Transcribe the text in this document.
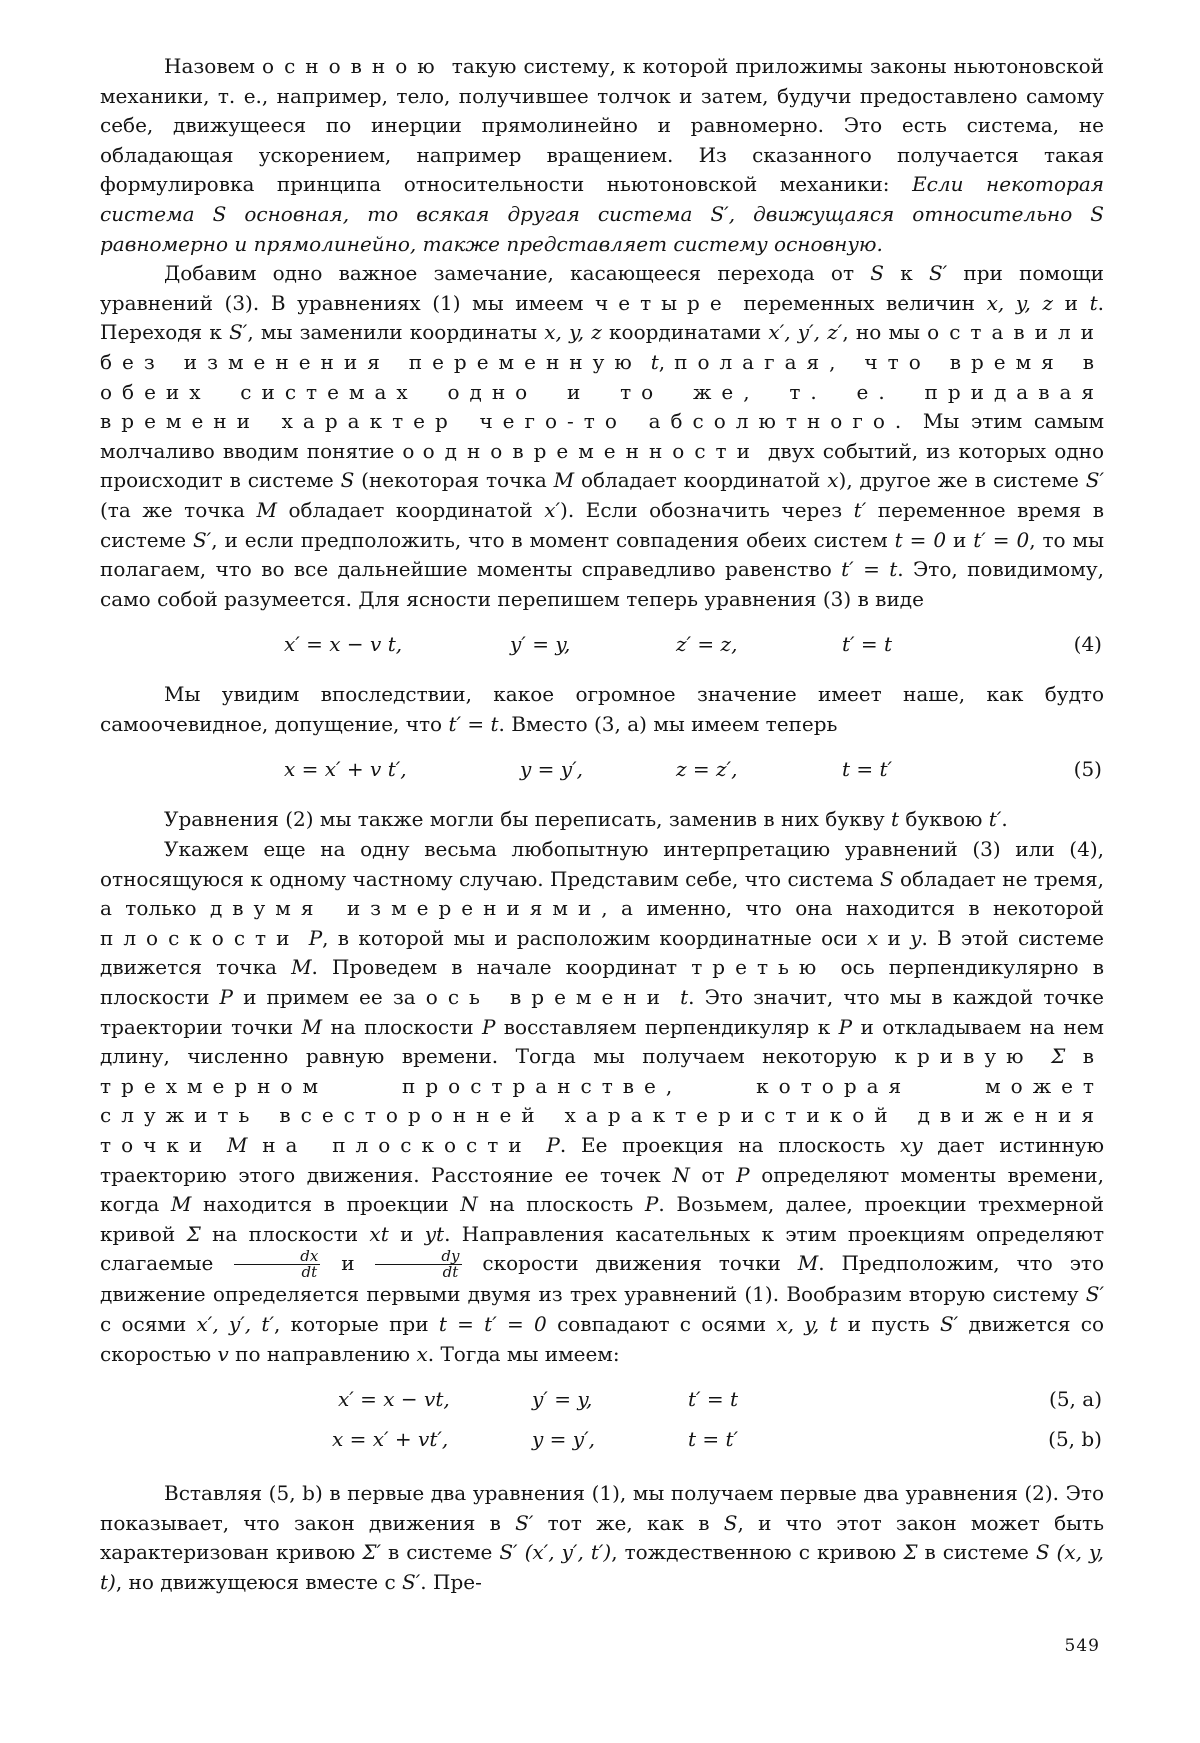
Назовем основною такую систему, к которой приложимы законы ньютоновской механики, т. е., например, тело, получившее толчок и затем, будучи предоставлено самому себе, движущееся по инерции прямолинейно и равномерно. Это есть система, не обладающая ускорением, например вращением. Из сказанного получается такая формулировка принципа относительности ньютоновской механики: Если некоторая система S основная, то всякая другая система S′, движущаяся относительно S равномерно и прямолинейно, также представляет систему основную.

Добавим одно важное замечание, касающееся перехода от S к S′ при помощи уравнений (3). В уравнениях (1) мы имеем четыре переменных величин x, y, z и t. Переходя к S′, мы заменили координаты x, y, z координатами x′, y′, z′, но мы оставили без изменения переменную t, полагая, что время в обеих системах одно и то же, т. е. придавая времени характер чего-то абсолютного. Мы этим самым молчаливо вводим понятие о одновременности двух событий, из которых одно происходит в системе S (некоторая точка M обладает координатой x), другое же в системе S′ (та же точка M обладает координатой x′). Если обозначить через t′ переменное время в системе S′, и если предположить, что в момент совпадения обеих систем t = 0 и t′ = 0, то мы полагаем, что во все дальнейшие моменты справедливо равенство t′ = t. Это, повидимому, само собой разумеется. Для ясности перепишем теперь уравнения (3) в виде

x′ = x − v t,	y′ = y,	z′ = z,	t′ = t	(4)

Мы увидим впоследствии, какое огромное значение имеет наше, как будто самоочевидное, допущение, что t′ = t. Вместо (3, a) мы имеем теперь

x = x′ + v t′,	y = y′,	z = z′,	t = t′	(5)

Уравнения (2) мы также могли бы переписать, заменив в них букву t буквою t′.

Укажем еще на одну весьма любопытную интерпретацию уравнений (3) или (4), относящуюся к одному частному случаю. Представим себе, что система S обладает не тремя, а только двумя измерениями, а именно, что она находится в некоторой плоскости P, в которой мы и расположим координатные оси x и y. В этой системе движется точка M. Проведем в начале координат третью ось перпендикулярно в плоскости P и примем ее за ось времени t. Это значит, что мы в каждой точке траектории точки M на плоскости P восставляем перпендикуляр к P и откладываем на нем длину, численно равную времени. Тогда мы получаем некоторую кривую Σ в трехмерном пространстве, которая может служить всесторонней характеристикой движения точки M на плоскости P. Ее проекция на плоскость xy дает истинную траекторию этого движения. Расстояние ее точек N от P определяют моменты времени, когда M находится в проекции N на плоскость P. Возьмем, далее, проекции трехмерной кривой Σ на плоскости xt и yt. Направления касательных к этим проекциям определяют слагаемые $\frac{dx}{dt}$ и $\frac{dy}{dt}$ скорости движения точки M. Предположим, что это движение определяется первыми двумя из трех уравнений (1). Вообразим вторую систему S′ с осями x′, y′, t′, которые при t = t′ = 0 совпадают с осями x, y, t и пусть S′ движется со скоростью v по направлению x. Тогда мы имеем:

x′ = x − vt,	y′ = y,	t′ = t	(5, a)
x = x′ + vt′,	y = y′,	t = t′	(5, b)

Вставляя (5, b) в первые два уравнения (1), мы получаем первые два уравнения (2). Это показывает, что закон движения в S′ тот же, как в S, и что этот закон может быть характеризован кривою Σ′ в системе S′ (x′, y′, t′), тождественною с кривою Σ в системе S (x, y, t), но движущеюся вместе с S′. Пре-

549
